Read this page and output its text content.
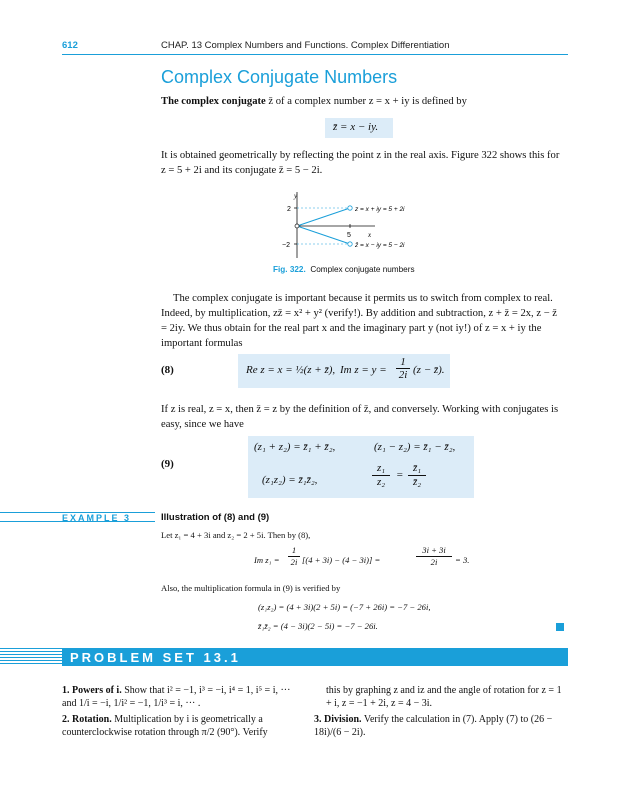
612	CHAP. 13 Complex Numbers and Functions. Complex Differentiation
Complex Conjugate Numbers
The complex conjugate z̄ of a complex number z = x + iy is defined by
z̄ = x − iy.
It is obtained geometrically by reflecting the point z in the real axis. Figure 322 shows this for z = 5 + 2i and its conjugate z̄ = 5 − 2i.
y
x
2
−2
5
z = x + iy = 5 + 2i
z̄ = x − iy = 5 − 2i
Fig. 322. Complex conjugate numbers
The complex conjugate is important because it permits us to switch from complex to real. Indeed, by multiplication, zz̄ = x² + y² (verify!). By addition and subtraction, z + z̄ = 2x, z − z̄ = 2iy. We thus obtain for the real part x and the imaginary part y (not iy!) of z = x + iy the important formulas
(8)	Re z = x = ½(z + z̄), Im $z = y = \frac{1}{2i} (z$ − z̄).
If z is real, z = x, then z̄ = z by the definition of z̄, and conversely. Working with conjugates is easy, since we have
(9)
(z₁ + z₂) = z̄₁ + z̄₂,	(z₁ − z₂) = z̄₁ − z̄₂,
(z₁z₂) = z̄₁z̄₂,	$\frac{\text{z₁}}{\text{z₂}} = \frac{\text{z̄₁}}{\text{z̄₂}}$
EXAMPLE 3	Illustration of (8) and (9)
Let z₁ = 4 + 3i and z₂ = 2 + 5i. Then by (8),
Im $z_1 = \frac{1}{2i} [(4 + 3i) - (4 - 3i)]$ =	$\frac{3i + 3i}{2i} = 3$.
Also, the multiplication formula in (9) is verified by
(z₁z₂) = (4 + 3i)(2 + 5i) = (−7 + 26i) = −7 − 26i,
z̄₁z̄₂ = (4 − 3i)(2 − 5i) = −7 − 26i.
PROBLEM SET 13.1
1. Powers of i. Show that i² = −1, i³ = −i, i⁴ = 1, i⁵ = i, ··· and 1/i = −i, 1/i² = −1, 1/i³ = i, ··· .
2. Rotation. Multiplication by i is geometrically a counterclockwise rotation through π/2 (90°). Verify
this by graphing z and iz and the angle of rotation for z = 1 + i, z = −1 + 2i, z = 4 − 3i.
3. Division. Verify the calculation in (7). Apply (7) to (26 − 18i)/(6 − 2i).
